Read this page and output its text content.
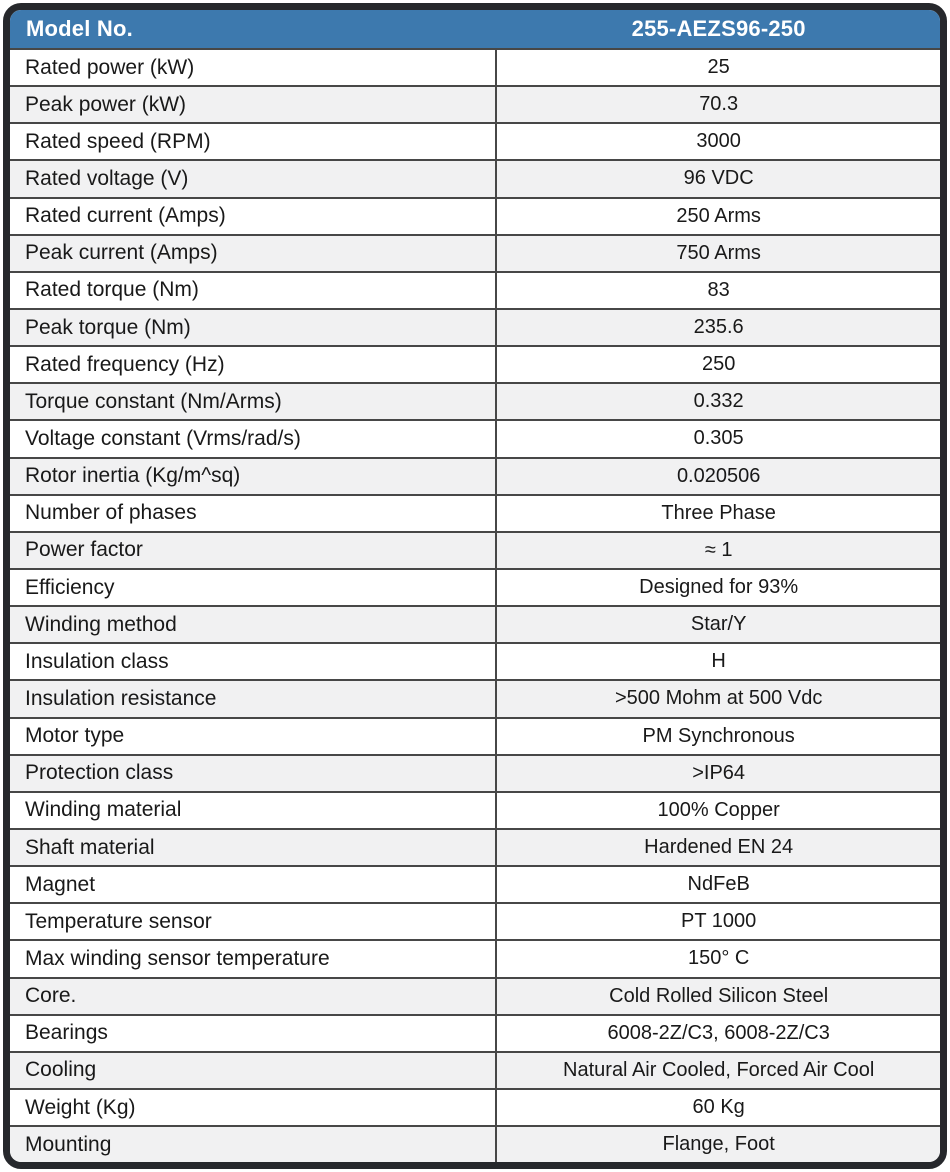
Model No.	255-AEZS96-250
Rated power (kW)	25
Peak power (kW)	70.3
Rated speed (RPM)	3000
Rated voltage (V)	96 VDC
Rated current (Amps)	250 Arms
Peak current (Amps)	750 Arms
Rated torque (Nm)	83
Peak torque (Nm)	235.6
Rated frequency (Hz)	250
Torque constant (Nm/Arms)	0.332
Voltage constant (Vrms/rad/s)	0.305
Rotor inertia (Kg/m^sq)	0.020506
Number of phases	Three Phase
Power factor	≈ 1
Efficiency	Designed for 93%
Winding method	Star/Y
Insulation class	H
Insulation resistance	>500 Mohm at 500 Vdc
Motor type	PM Synchronous
Protection class	>IP64
Winding material	100% Copper
Shaft material	Hardened EN 24
Magnet	NdFeB
Temperature sensor	PT 1000
Max winding sensor temperature	150° C
Core.	Cold Rolled Silicon Steel
Bearings	6008-2Z/C3, 6008-2Z/C3
Cooling	Natural Air Cooled, Forced Air Cool
Weight (Kg)	60 Kg
Mounting	Flange, Foot
